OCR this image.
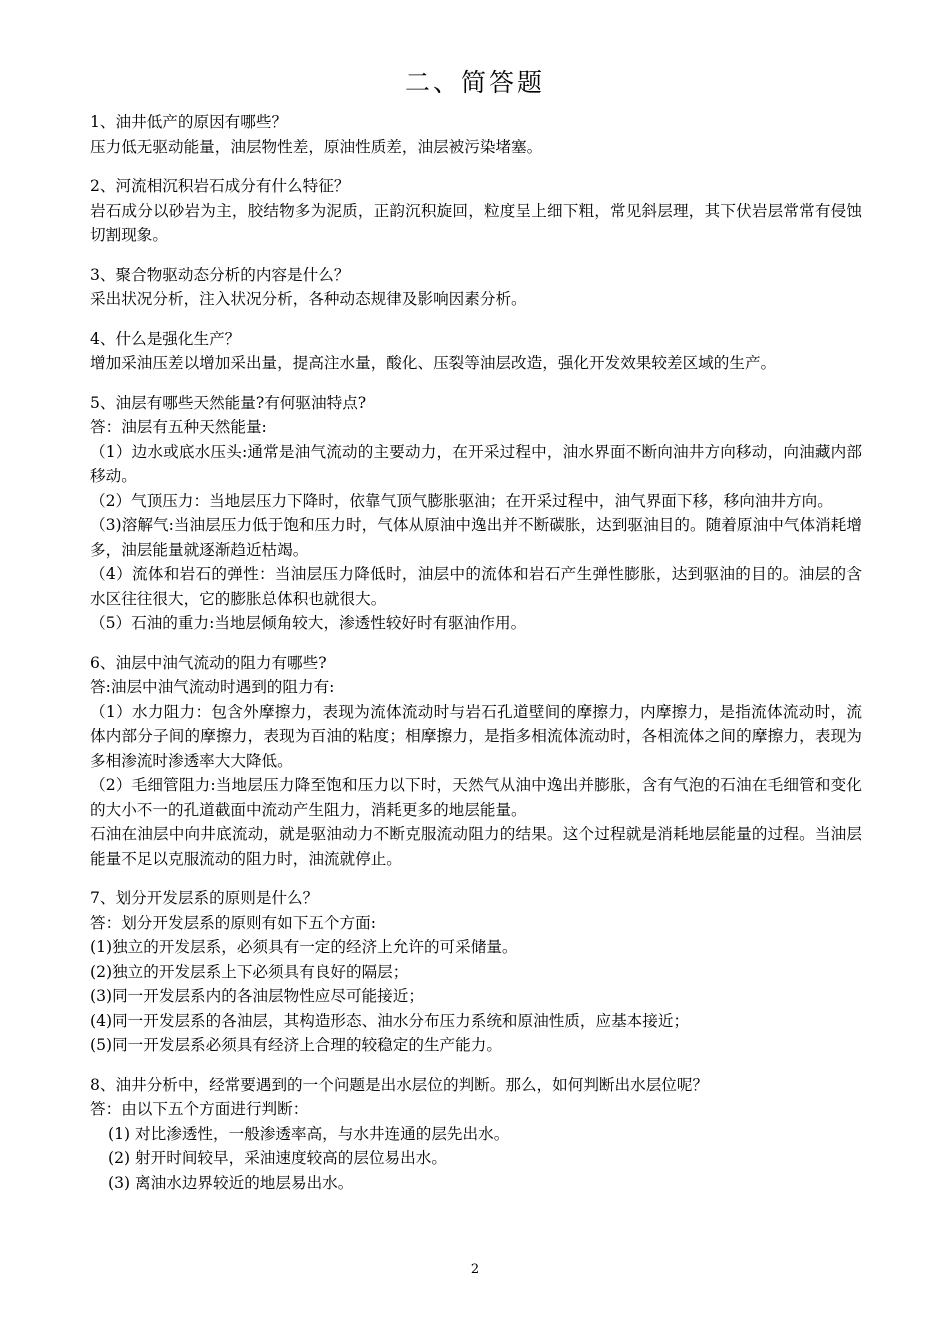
二、简答题

1、油井低产的原因有哪些？

压力低无驱动能量，油层物性差，原油性质差，油层被污染堵塞。

2、河流相沉积岩石成分有什么特征？

岩石成分以砂岩为主，胶结物多为泥质，正韵沉积旋回，粒度呈上细下粗，常见斜层理，其下伏岩层常常有侵蚀切割现象。

3、聚合物驱动态分析的内容是什么？

采出状况分析，注入状况分析，各种动态规律及影响因素分析。

4、什么是强化生产？

增加采油压差以增加采出量，提高注水量，酸化、压裂等油层改造，强化开发效果较差区域的生产。

5、油层有哪些天然能量?有何驱油特点?

答：油层有五种天然能量:

（1）边水或底水压头:通常是油气流动的主要动力，在开采过程中，油水界面不断向油井方向移动，向油藏内部移动。

（2）气顶压力：当地层压力下降时，依靠气顶气膨胀驱油；在开采过程中，油气界面下移，移向油井方向。

（3)溶解气:当油层压力低于饱和压力时，气体从原油中逸出并不断碳胀，达到驱油目的。随着原油中气体消耗增多，油层能量就逐渐趋近枯竭。

（4）流体和岩石的弹性：当油层压力降低时，油层中的流体和岩石产生弹性膨胀，达到驱油的目的。油层的含水区往往很大，它的膨胀总体积也就很大。

（5）石油的重力:当地层倾角较大，渗透性较好时有驱油作用。

6、油层中油气流动的阻力有哪些?

答:油层中油气流动时遇到的阻力有:

（1）水力阻力：包含外摩擦力，表现为流体流动时与岩石孔道壁间的摩擦力，内摩擦力，是指流体流动时，流体内部分子间的摩擦力，表现为百油的粘度；相摩擦力，是指多相流体流动时，各相流体之间的摩擦力，表现为多相渗流时渗透率大大降低。

（2）毛细管阻力:当地层压力降至饱和压力以下时，天然气从油中逸出并膨胀，含有气泡的石油在毛细管和变化的大小不一的孔道截面中流动产生阻力，消耗更多的地层能量。

石油在油层中向井底流动，就是驱油动力不断克服流动阻力的结果。这个过程就是消耗地层能量的过程。当油层能量不足以克服流动的阻力时，油流就停止。

7、划分开发层系的原则是什么？

答：划分开发层系的原则有如下五个方面:

(1)独立的开发层系，必须具有一定的经济上允许的可采储量。

(2)独立的开发层系上下必须具有良好的隔层；

(3)同一开发层系内的各油层物性应尽可能接近；

(4)同一开发层系的各油层，其构造形态、油水分布压力系统和原油性质，应基本接近；

(5)同一开发层系必须具有经济上合理的较稳定的生产能力。

8、油井分析中，经常要遇到的一个问题是出水层位的判断。那么，如何判断出水层位呢？

答：由以下五个方面进行判断：

(1) 对比渗透性，一般渗透率高，与水井连通的层先出水。

(2) 射开时间较早，采油速度较高的层位易出水。

(3) 离油水边界较近的地层易出水。

2
